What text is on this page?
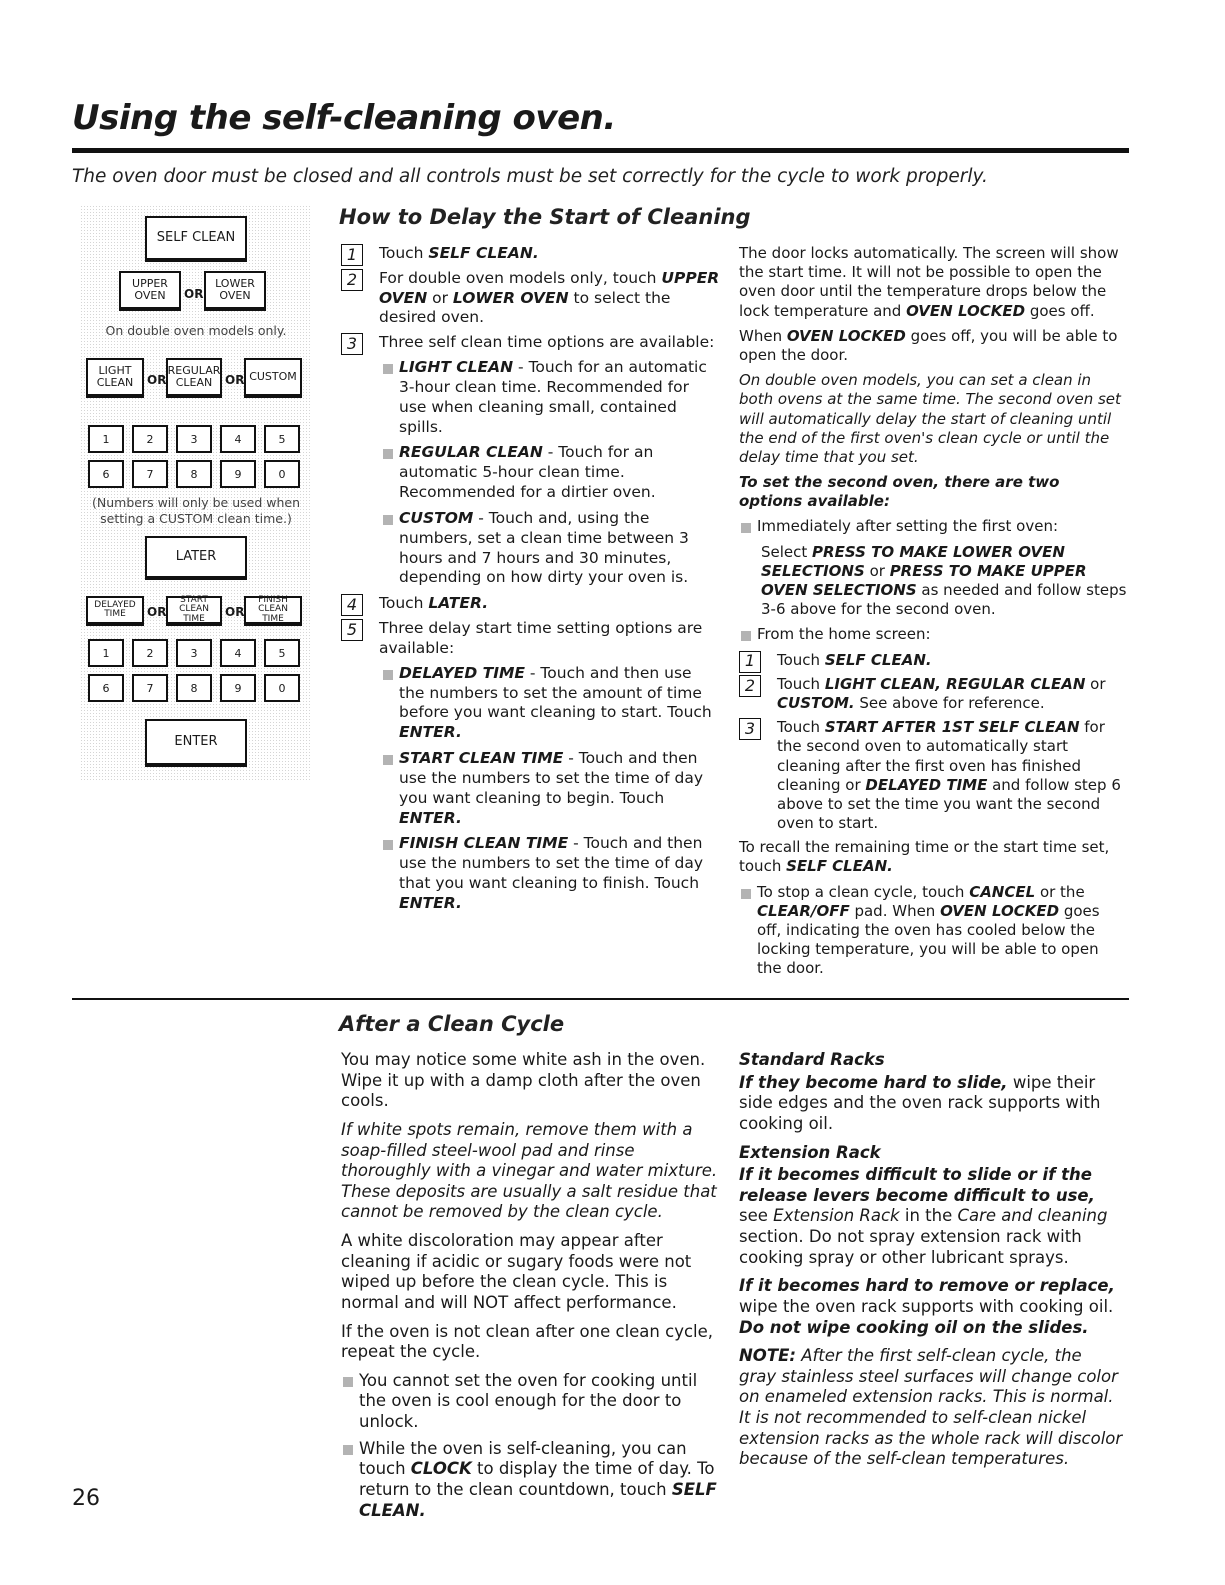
Using the self-cleaning oven.
The oven door must be closed and all controls must be set correctly for the cycle to work properly.
SELF CLEAN
UPPER OVEN	OR
LOWER OVEN
On double oven models only.
LIGHT CLEAN	OR
REGULAR CLEAN	OR CUSTOM
1	2	3	4	5
6	7	8	9	0
(Numbers will only be used when setting a CUSTOM clean time.)
LATER
DELAYED TIME	OR
START CLEAN TIME	OR
FINISH CLEAN TIME
1	2	3	4	5
6	7	8	9	0
ENTER
How to Delay the Start of Cleaning
1	Touch SELF CLEAN.
2	For double oven models only, touch UPPER OVEN or LOWER OVEN to select the desired oven.
3	Three self clean time options are available:
LIGHT CLEAN - Touch for an automatic 3-hour clean time. Recommended for use when cleaning small, contained spills.
REGULAR CLEAN - Touch for an automatic 5-hour clean time. Recommended for a dirtier oven.
CUSTOM - Touch and, using the numbers, set a clean time between 3 hours and 7 hours and 30 minutes, depending on how dirty your oven is.
4	Touch LATER.
5	Three delay start time setting options are available:
DELAYED TIME - Touch and then use the numbers to set the amount of time before you want cleaning to start. Touch ENTER.
START CLEAN TIME - Touch and then use the numbers to set the time of day you want cleaning to begin. Touch ENTER.
FINISH CLEAN TIME - Touch and then use the numbers to set the time of day that you want cleaning to finish. Touch ENTER.

The door locks automatically. The screen will show the start time. It will not be possible to open the oven door until the temperature drops below the lock temperature and OVEN LOCKED goes off.

When OVEN LOCKED goes off, you will be able to open the door.

On double oven models, you can set a clean in both ovens at the same time. The second oven set will automatically delay the start of cleaning until the end of the first oven's clean cycle or until the delay time that you set.

To set the second oven, there are two options available:

Immediately after setting the first oven:
Select PRESS TO MAKE LOWER OVEN SELECTIONS or PRESS TO MAKE UPPER OVEN SELECTIONS as needed and follow steps 3-6 above for the second oven.
From the home screen:
1	Touch SELF CLEAN.
2	Touch LIGHT CLEAN, REGULAR CLEAN or CUSTOM. See above for reference.
3	Touch START AFTER 1ST SELF CLEAN for the second oven to automatically start cleaning after the first oven has finished cleaning or DELAYED TIME and follow step 6 above to set the time you want the second oven to start.

To recall the remaining time or the start time set, touch SELF CLEAN.

To stop a clean cycle, touch CANCEL or the CLEAR/OFF pad. When OVEN LOCKED goes off, indicating the oven has cooled below the locking temperature, you will be able to open the door.
After a Clean Cycle

You may notice some white ash in the oven. Wipe it up with a damp cloth after the oven cools.

If white spots remain, remove them with a soap-filled steel-wool pad and rinse thoroughly with a vinegar and water mixture. These deposits are usually a salt residue that cannot be removed by the clean cycle.

A white discoloration may appear after cleaning if acidic or sugary foods were not wiped up before the clean cycle. This is normal and will NOT affect performance.

If the oven is not clean after one clean cycle, repeat the cycle.

You cannot set the oven for cooking until the oven is cool enough for the door to unlock.
While the oven is self-cleaning, you can touch CLOCK to display the time of day. To return to the clean countdown, touch SELF CLEAN.

Standard Racks

If they become hard to slide, wipe their side edges and the oven rack supports with cooking oil.

Extension Rack

If it becomes difficult to slide or if the release levers become difficult to use, see Extension Rack in the Care and cleaning section. Do not spray extension rack with cooking spray or other lubricant sprays.

If it becomes hard to remove or replace, wipe the oven rack supports with cooking oil. Do not wipe cooking oil on the slides.

NOTE: After the first self-clean cycle, the gray stainless steel surfaces will change color on enameled extension racks. This is normal. It is not recommended to self-clean nickel extension racks as the whole rack will discolor because of the self-clean temperatures.

26
